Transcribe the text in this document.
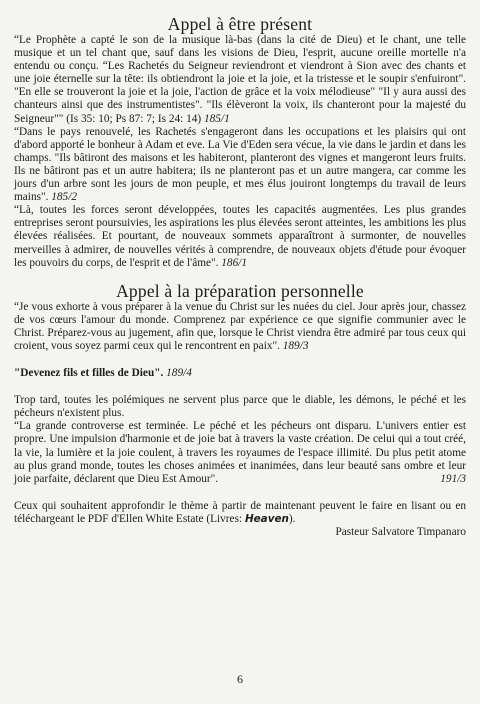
Appel à être présent

“Le Prophète a capté le son de la musique là-bas (dans la cité de Dieu) et le chant, une telle musique et un tel chant que, sauf dans les visions de Dieu, l'esprit, aucune oreille mortelle n'a entendu ou conçu. “Les Rachetés du Seigneur reviendront et viendront à Sion avec des chants et une joie éternelle sur la tête: ils obtiendront la joie et la joie, et la tristesse et le soupir s'enfuiront". "En elle se trouveront la joie et la joie, l'action de grâce et la voix mélodieuse" "Il y aura aussi des chanteurs ainsi que des instrumentistes". "Ils élèveront la voix, ils chanteront pour la majesté du Seigneur"" (Is 35: 10; Ps 87: 7; Is 24: 14) 185/1

“Dans le pays renouvelé, les Rachetés s'engageront dans les occupations et les plaisirs qui ont d'abord apporté le bonheur à Adam et eve. La Vie d'Eden sera vécue, la vie dans le jardin et dans les champs. "Ils bâtiront des maisons et les habiteront, planteront des vignes et mangeront leurs fruits. Ils ne bâtiront pas et un autre habitera; ils ne planteront pas et un autre mangera, car comme les jours d'un arbre sont les jours de mon peuple, et mes élus jouiront longtemps du travail de leurs mains". 185/2

“Là, toutes les forces seront développées, toutes les capacités augmentées. Les plus grandes entreprises seront poursuivies, les aspirations les plus élevées seront atteintes, les ambitions les plus élevées réalisées. Et pourtant, de nouveaux sommets apparaîtront à surmonter, de nouvelles merveilles à admirer, de nouvelles vérités à comprendre, de nouveaux objets d'étude pour évoquer les pouvoirs du corps, de l'esprit et de l'âme". 186/1

Appel à la préparation personnelle

“Je vous exhorte à vous préparer à la venue du Christ sur les nuées du ciel. Jour après jour, chassez de vos cœurs l'amour du monde. Comprenez par expérience ce que signifie communier avec le Christ. Préparez-vous au jugement, afin que, lorsque le Christ viendra être admiré par tous ceux qui croient, vous soyez parmi ceux qui le rencontrent en paix". 189/3

"Devenez fils et filles de Dieu". 189/4

Trop tard, toutes les polémiques ne servent plus parce que le diable, les démons, le péché et les pécheurs n'existent plus.

“La grande controverse est terminée. Le péché et les pécheurs ont disparu. L'univers entier est propre. Une impulsion d'harmonie et de joie bat à travers la vaste création. De celui qui a tout créé, la vie, la lumière et la joie coulent, à travers les royaumes de l'espace illimité. Du plus petit atome au plus grand monde, toutes les choses animées et inanimées, dans leur beauté sans ombre et leur joie parfaite, déclarent que Dieu Est Amour".	191/3

Ceux qui souhaitent approfondir le thème à partir de maintenant peuvent le faire en lisant ou en téléchargeant le PDF d'Ellen White Estate (Livres: Heaven).

Pasteur Salvatore Timpanaro

6
